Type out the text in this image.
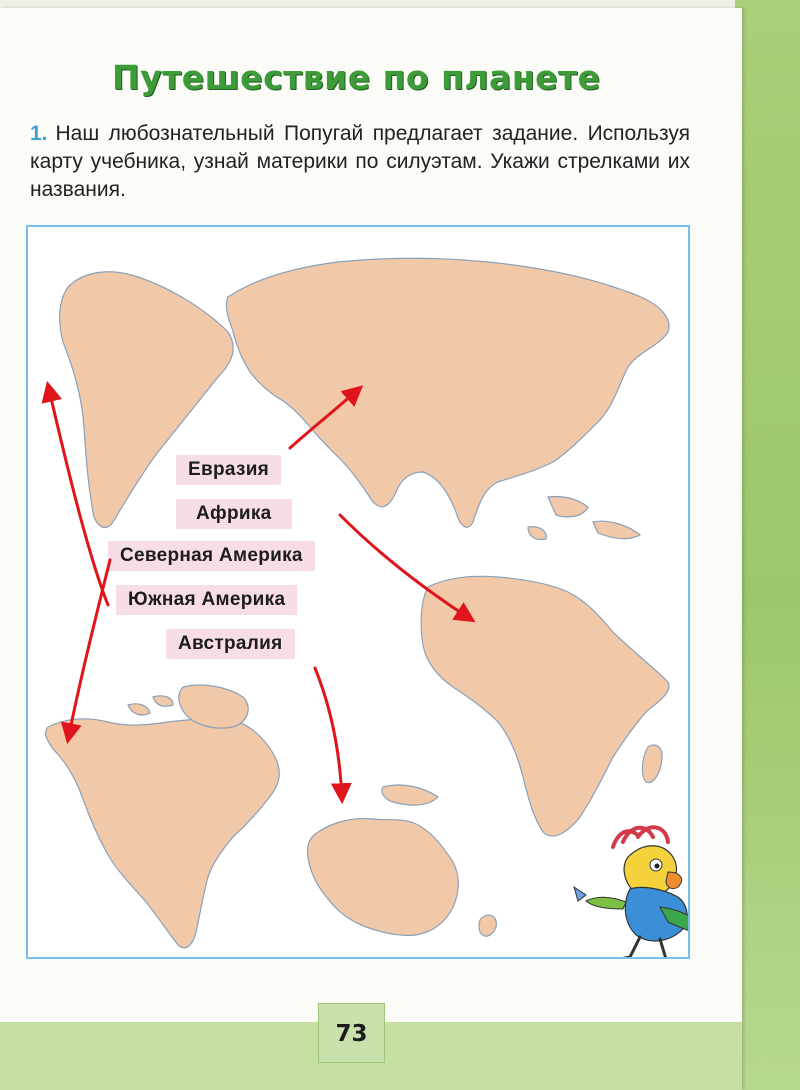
Путешествие по планете
1. Наш любознательный Попугай предлагает задание. Используя карту учебника, узнай материки по силуэтам. Укажи стрелками их названия.
Евразия
Африка
Северная Америка
Южная Америка
Австралия
73
